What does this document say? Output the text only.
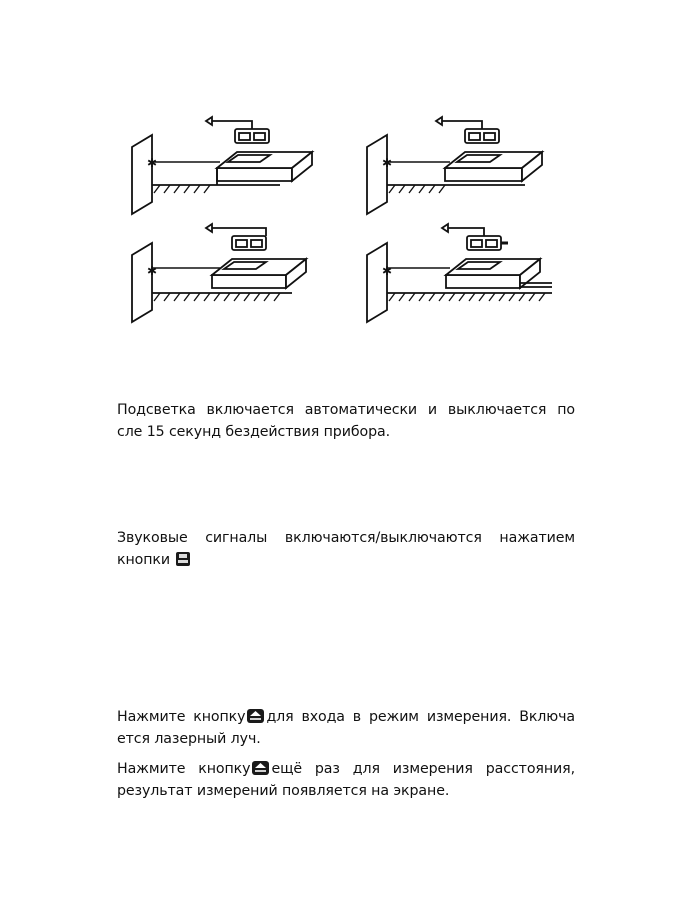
✱	✱
✱	✱
Подсветка включается автоматически и выключается по
сле 15 секунд бездействия прибора.
Звуковые сигналы включаются/выключаются нажатием
кнопки
Нажмите кнопку для входа в режим измерения. Включа
ется лазерный луч.
Нажмите кнопку ещё раз для измерения расстояния,
результат измерений появляется на экране.
